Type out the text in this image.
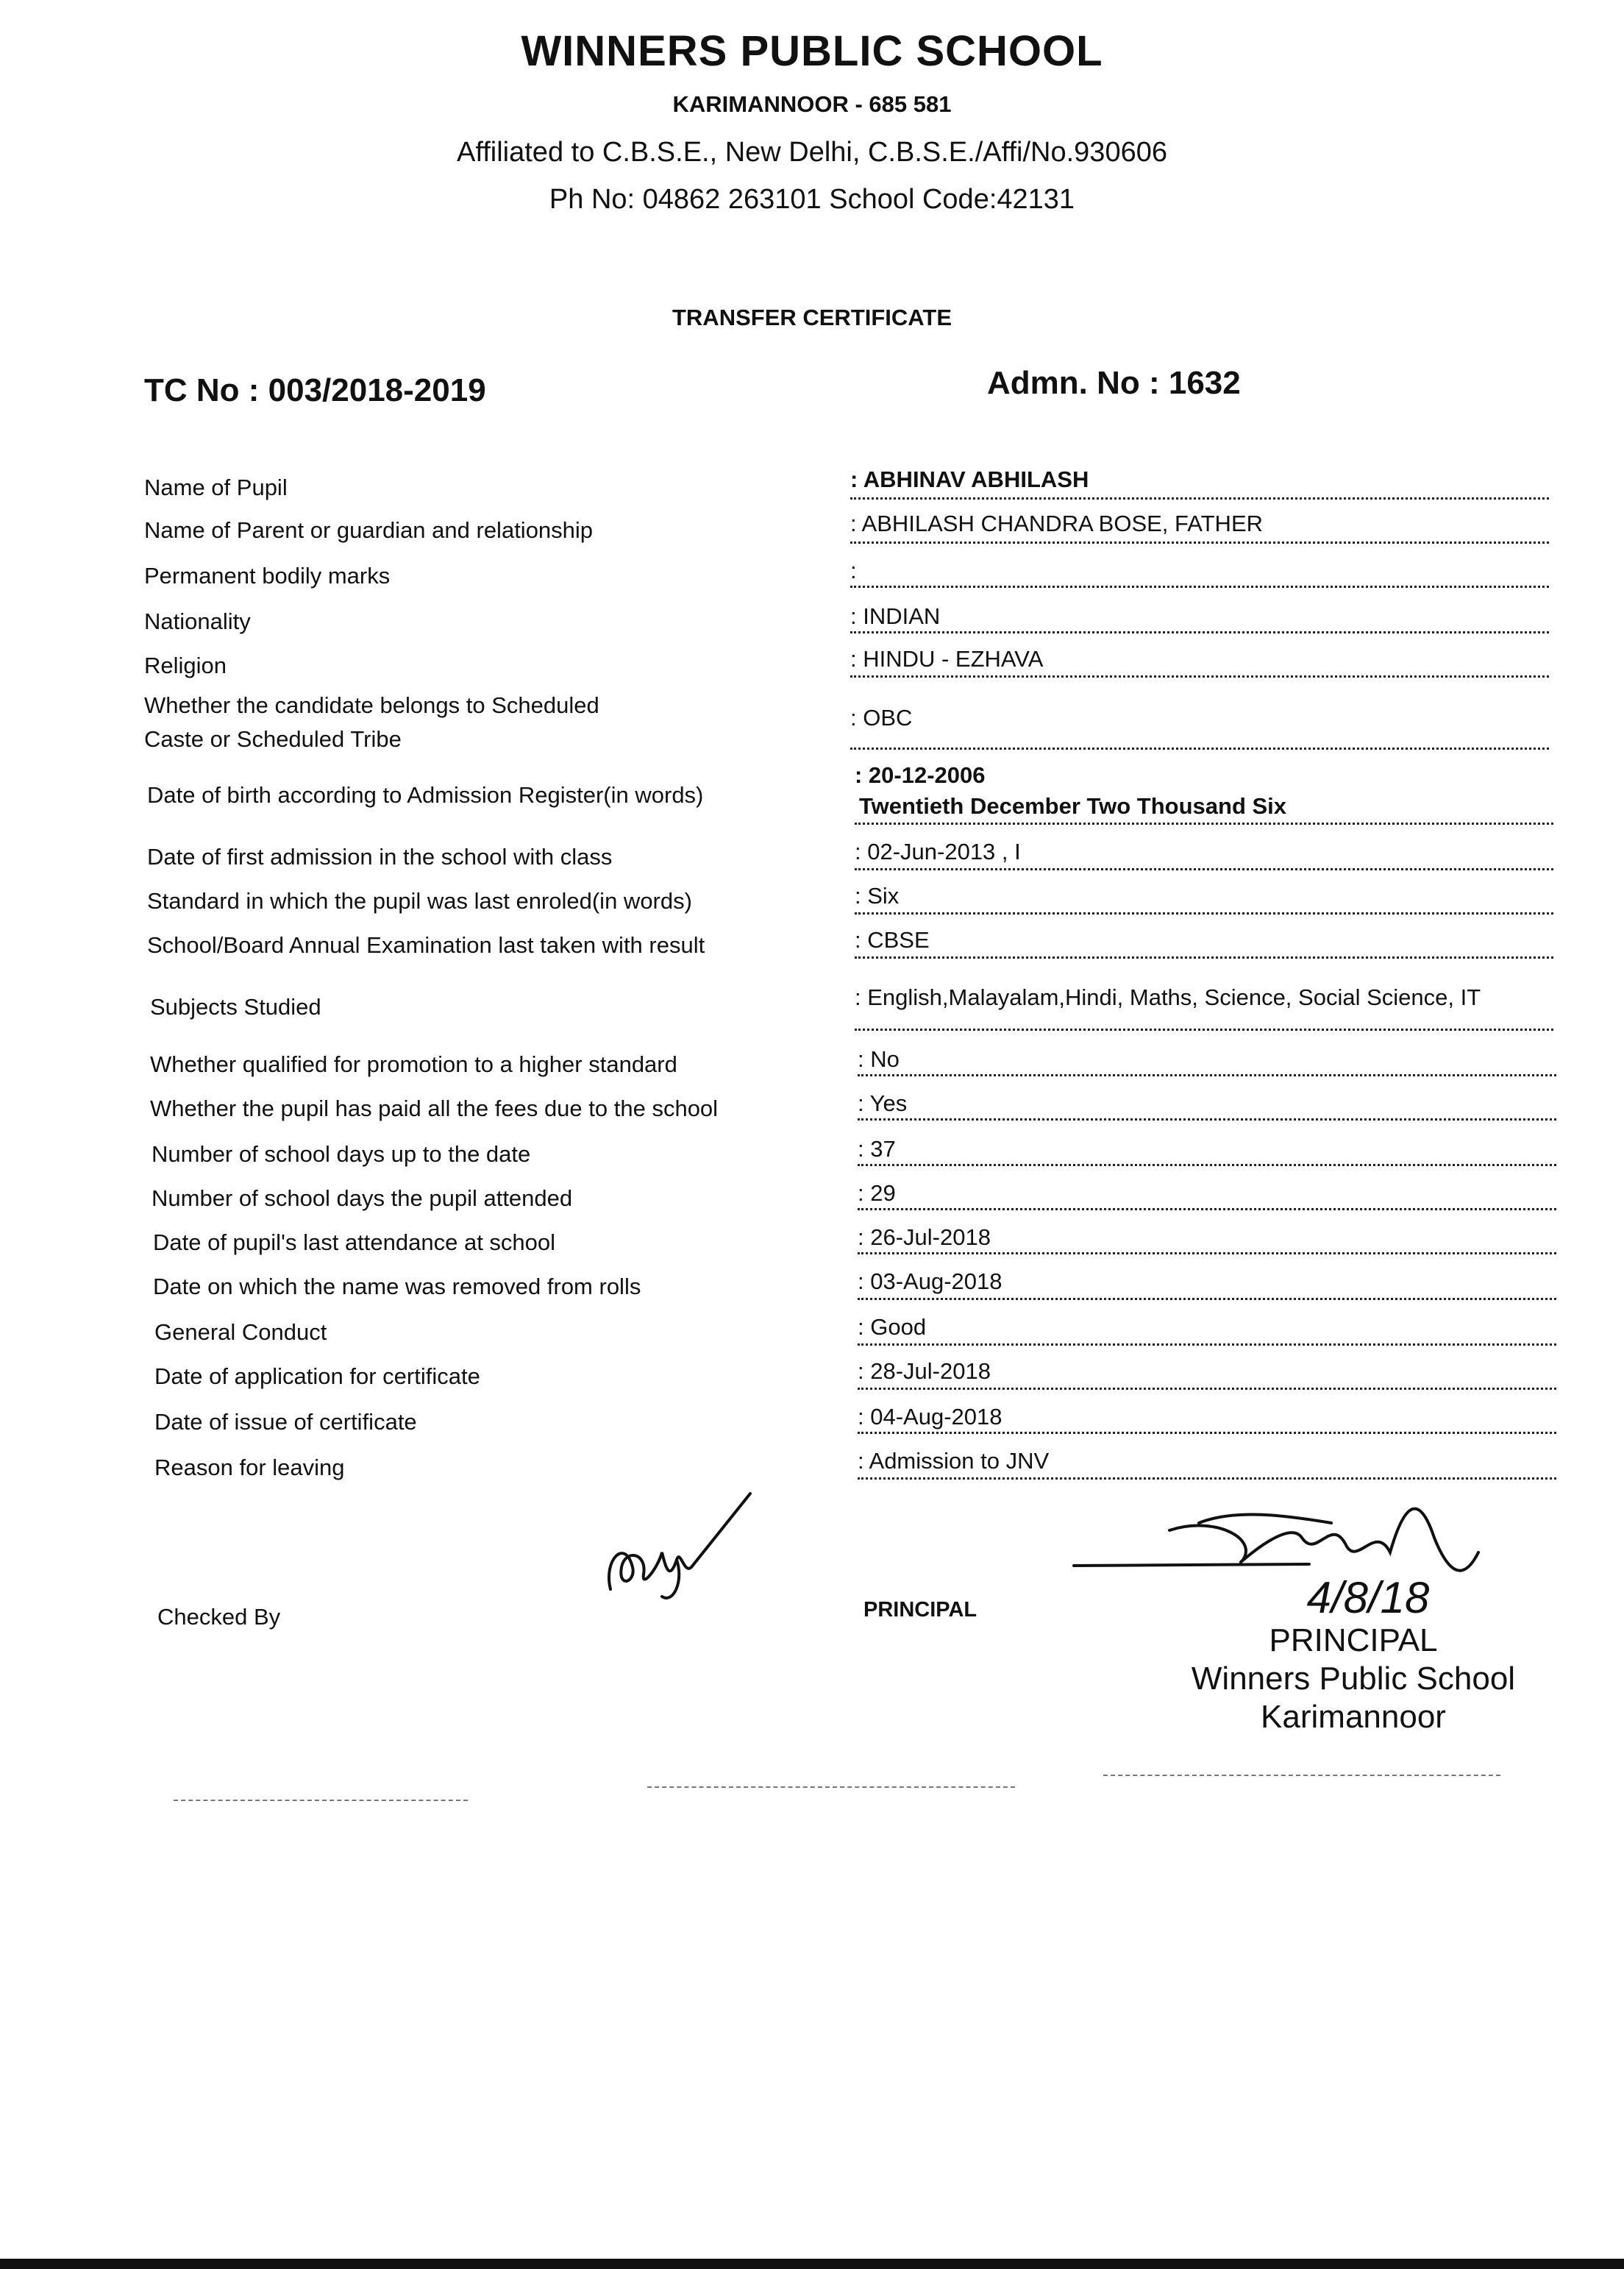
WINNERS PUBLIC SCHOOL
KARIMANNOOR - 685 581
Affiliated to C.B.S.E., New Delhi, C.B.S.E./Affi/No.930606
Ph No: 04862 263101 School Code:42131
TRANSFER CERTIFICATE
TC No : 003/2018-2019	Admn. No : 1632
Name of Pupil	: ABHINAV ABHILASH
Name of Parent or guardian and relationship	: ABHILASH CHANDRA BOSE, FATHER
Permanent bodily marks	:
Nationality	: INDIAN
Religion	: HINDU - EZHAVA
Whether the candidate belongs to Scheduled
Caste or Scheduled Tribe
: OBC
Date of birth according to Admission Register(in words)
: 20-12-2006
Twentieth December Two Thousand Six
Date of first admission in the school with class	: 02-Jun-2013 , I
Standard in which the pupil was last enroled(in words)	: Six
School/Board Annual Examination last taken with result	: CBSE
Subjects Studied	: English,Malayalam,Hindi, Maths, Science, Social Science, IT
Whether qualified for promotion to a higher standard	: No
Whether the pupil has paid all the fees due to the school	: Yes
Number of school days up to the date	: 37
Number of school days the pupil attended	: 29
Date of pupil's last attendance at school	: 26-Jul-2018
Date on which the name was removed from rolls	: 03-Aug-2018
General Conduct	: Good
Date of application for certificate	: 28-Jul-2018
Date of issue of certificate	: 04-Aug-2018
Reason for leaving	: Admission to JNV
Checked By	PRINCIPAL	4/8/18
PRINCIPAL
Winners Public School
Karimannoor
